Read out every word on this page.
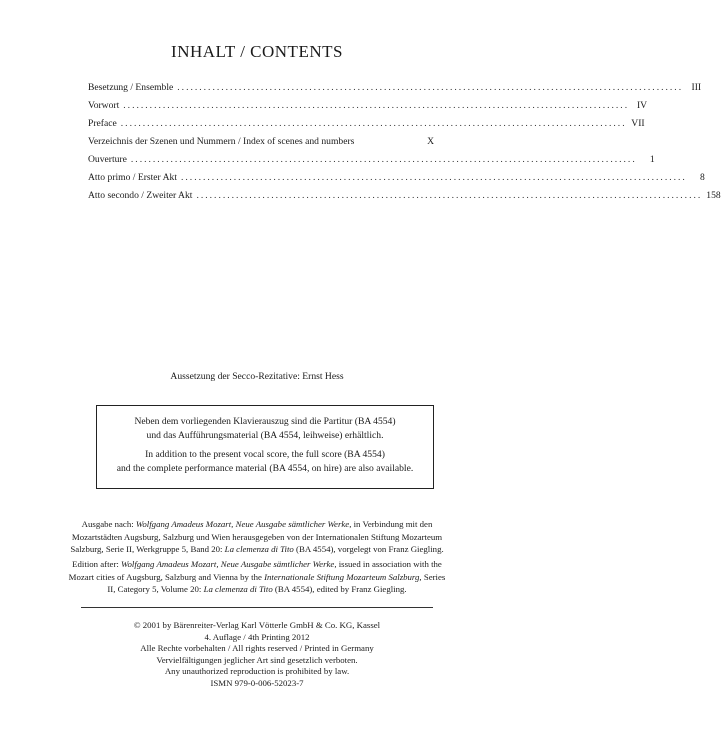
INHALT / CONTENTS
Besetzung / Ensemble ................................................................................................................... III
Vorwort ................................................................................................................... IV
Preface ................................................................................................................... VII
Verzeichnis der Szenen und Nummern / Index of scenes and numbers	X
Ouverture ...................................................................................................................	1
Atto primo / Erster Akt ...................................................................................................................	8
Atto secondo / Zweiter Akt ................................................................................................................... 158
Aussetzung der Secco-Rezitative: Ernst Hess

Neben dem vorliegenden Klavierauszug sind die Partitur (BA 4554)

und das Aufführungsmaterial (BA 4554, leihweise) erhältlich.

In addition to the present vocal score, the full score (BA 4554)

and the complete performance material (BA 4554, on hire) are also available.

Ausgabe nach: Wolfgang Amadeus Mozart, Neue Ausgabe sämtlicher Werke, in Verbindung mit den Mozartstädten Augsburg, Salzburg und Wien herausgegeben von der Internationalen Stiftung Mozarteum Salzburg, Serie II, Werkgruppe 5, Band 20: La clemenza di Tito (BA 4554), vorgelegt von Franz Giegling.
Edition after: Wolfgang Amadeus Mozart, Neue Ausgabe sämtlicher Werke, issued in association with the Mozart cities of Augsburg, Salzburg and Vienna by the Internationale Stiftung Mozarteum Salzburg, Series II, Category 5, Volume 20: La clemenza di Tito (BA 4554), edited by Franz Giegling.
© 2001 by Bärenreiter-Verlag Karl Vötterle GmbH & Co. KG, Kassel
4. Auflage / 4th Printing 2012
Alle Rechte vorbehalten / All rights reserved / Printed in Germany
Vervielfältigungen jeglicher Art sind gesetzlich verboten.
Any unauthorized reproduction is prohibited by law.
ISMN 979-0-006-52023-7
